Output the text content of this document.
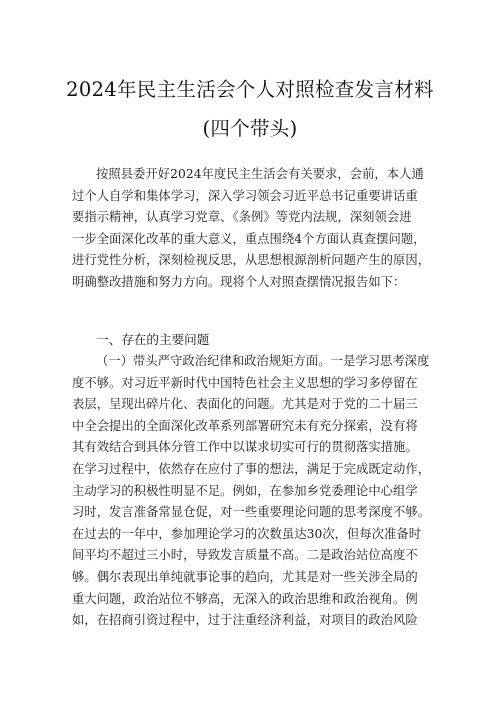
2024年民主生活会个人对照检查发言材料
(四个带头)
按照县委开好2024年度民主生活会有关要求，会前，本人通
过个人自学和集体学习，深入学习领会习近平总书记重要讲话重
要指示精神，认真学习党章、《条例》等党内法规，深刻领会进
一步全面深化改革的重大意义，重点围绕4个方面认真查摆问题，
进行党性分析，深刻检视反思，从思想根源剖析问题产生的原因，
明确整改措施和努力方向。现将个人对照查摆情况报告如下：
一、存在的主要问题
（一）带头严守政治纪律和政治规矩方面。一是学习思考深度
度不够。对习近平新时代中国特色社会主义思想的学习多停留在
表层，呈现出碎片化、表面化的问题。尤其是对于党的二十届三
中全会提出的全面深化改革系列部署研究未有充分探索，没有将
其有效结合到具体分管工作中以谋求切实可行的贯彻落实措施。
在学习过程中，依然存在应付了事的想法，满足于完成既定动作，
主动学习的积极性明显不足。例如，在参加乡党委理论中心组学
习时，发言准备常显仓促，对一些重要理论问题的思考深度不够。
在过去的一年中，参加理论学习的次数虽达30次，但每次准备时
间平均不超过三小时，导致发言质量不高。二是政治站位高度不
够。偶尔表现出单纯就事论事的趋向，尤其是对一些关涉全局的
重大问题，政治站位不够高，无深入的政治思维和政治视角。例
如，在招商引资过程中，过于注重经济利益，对项目的政治风险
